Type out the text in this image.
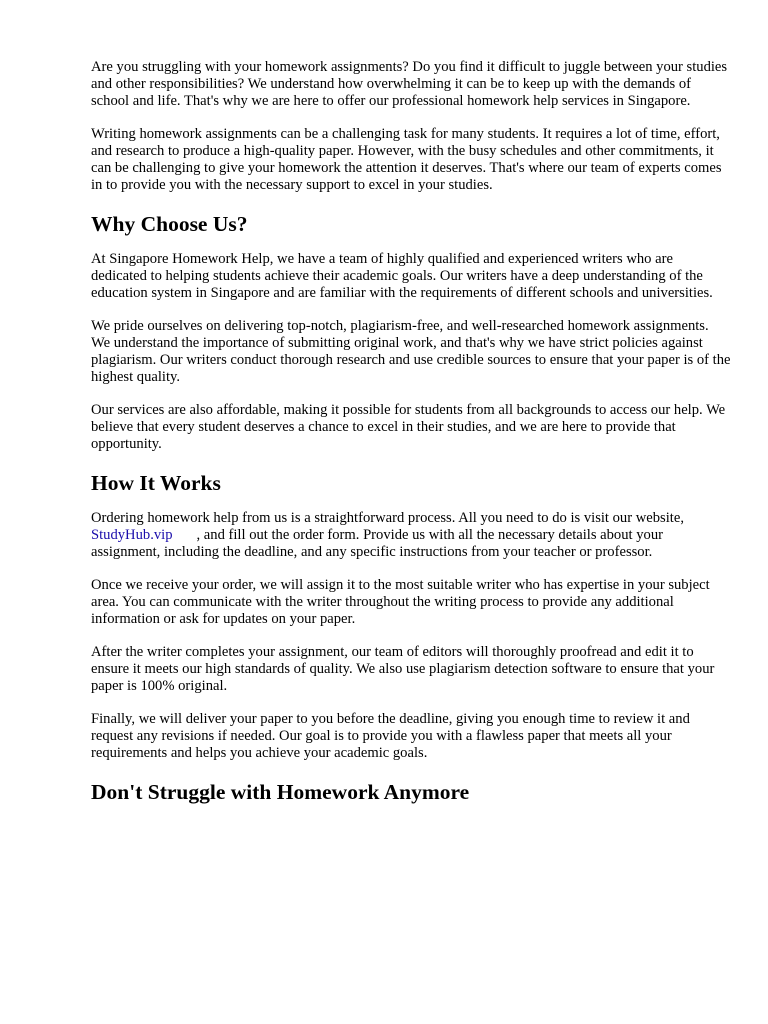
Are you struggling with your homework assignments? Do you find it difficult to juggle between your studies and other responsibilities? We understand how overwhelming it can be to keep up with the demands of school and life. That's why we are here to offer our professional homework help services in Singapore.

Writing homework assignments can be a challenging task for many students. It requires a lot of time, effort, and research to produce a high-quality paper. However, with the busy schedules and other commitments, it can be challenging to give your homework the attention it deserves. That's where our team of experts comes in to provide you with the necessary support to excel in your studies.

Why Choose Us?

At Singapore Homework Help, we have a team of highly qualified and experienced writers who are dedicated to helping students achieve their academic goals. Our writers have a deep understanding of the education system in Singapore and are familiar with the requirements of different schools and universities.

We pride ourselves on delivering top-notch, plagiarism-free, and well-researched homework assignments. We understand the importance of submitting original work, and that's why we have strict policies against plagiarism. Our writers conduct thorough research and use credible sources to ensure that your paper is of the highest quality.

Our services are also affordable, making it possible for students from all backgrounds to access our help. We believe that every student deserves a chance to excel in their studies, and we are here to provide that opportunity.

How It Works

Ordering homework help from us is a straightforward process. All you need to do is visit our website,StudyHub.vip , and fill out the order form. Provide us with all the necessary details about your assignment, including the deadline, and any specific instructions from your teacher or professor.

Once we receive your order, we will assign it to the most suitable writer who has expertise in your subject area. You can communicate with the writer throughout the writing process to provide any additional information or ask for updates on your paper.

After the writer completes your assignment, our team of editors will thoroughly proofread and edit it to ensure it meets our high standards of quality. We also use plagiarism detection software to ensure that your paper is 100% original.

Finally, we will deliver your paper to you before the deadline, giving you enough time to review it and request any revisions if needed. Our goal is to provide you with a flawless paper that meets all your requirements and helps you achieve your academic goals.

Don't Struggle with Homework Anymore
